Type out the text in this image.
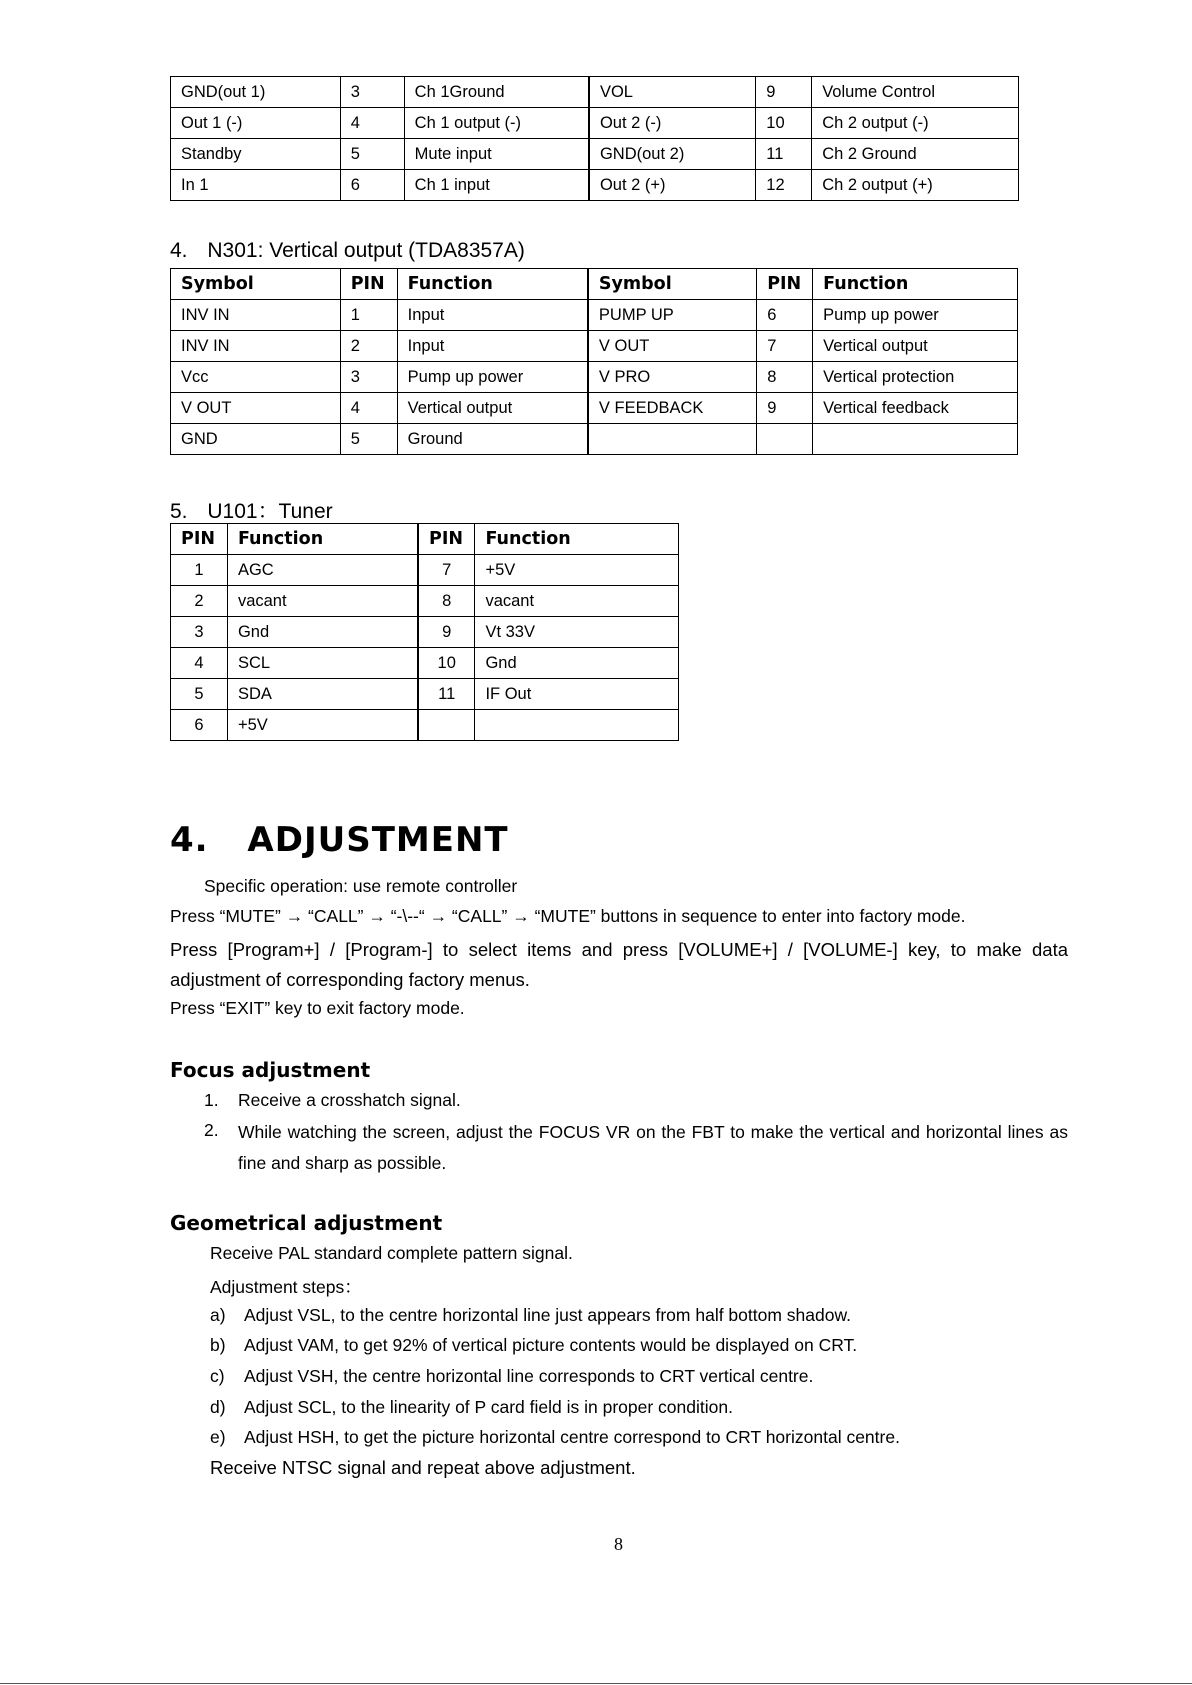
GND(out 1)	3	Ch 1Ground	VOL	9	Volume Control
Out 1 (-)	4	Ch 1 output (-)	Out 2 (-)	10	Ch 2 output (-)
Standby	5	Mute input	GND(out 2)	11	Ch 2 Ground
In 1	6	Ch 1 input	Out 2 (+)	12	Ch 2 output (+)
4. N301: Vertical output (TDA8357A)
Symbol	PIN	Function	Symbol	PIN	Function
INV IN	1	Input	PUMP UP	6	Pump up power
INV IN	2	Input	V OUT	7	Vertical output
Vcc	3	Pump up power	V PRO	8	Vertical protection
V OUT	4	Vertical output	V FEEDBACK	9	Vertical feedback
GND	5	Ground			
5. U101：Tuner
PIN	Function	PIN	Function
1	AGC	7	+5V
2	vacant	8	vacant
3	Gnd	9	Vt 33V
4	SCL	10	Gnd
5	SDA	11	IF Out
6	+5V		
4. ADJUSTMENT
Specific operation: use remote controller
Press “MUTE” → “CALL” → “-\--“ → “CALL” → “MUTE” buttons in sequence to enter into factory mode.
Press [Program+] / [Program-] to select items and press [VOLUME+] / [VOLUME-] key, to make data adjustment of corresponding factory menus.
Press “EXIT” key to exit factory mode.
Focus adjustment
1. Receive a crosshatch signal.
2. While watching the screen, adjust the FOCUS VR on the FBT to make the vertical and horizontal lines as fine and sharp as possible.
Geometrical adjustment
Receive PAL standard complete pattern signal.
Adjustment steps：
a) Adjust VSL, to the centre horizontal line just appears from half bottom shadow.
b) Adjust VAM, to get 92% of vertical picture contents would be displayed on CRT.
c) Adjust VSH, the centre horizontal line corresponds to CRT vertical centre.
d) Adjust SCL, to the linearity of P card field is in proper condition.
e) Adjust HSH, to get the picture horizontal centre correspond to CRT horizontal centre.
Receive NTSC signal and repeat above adjustment.
8
